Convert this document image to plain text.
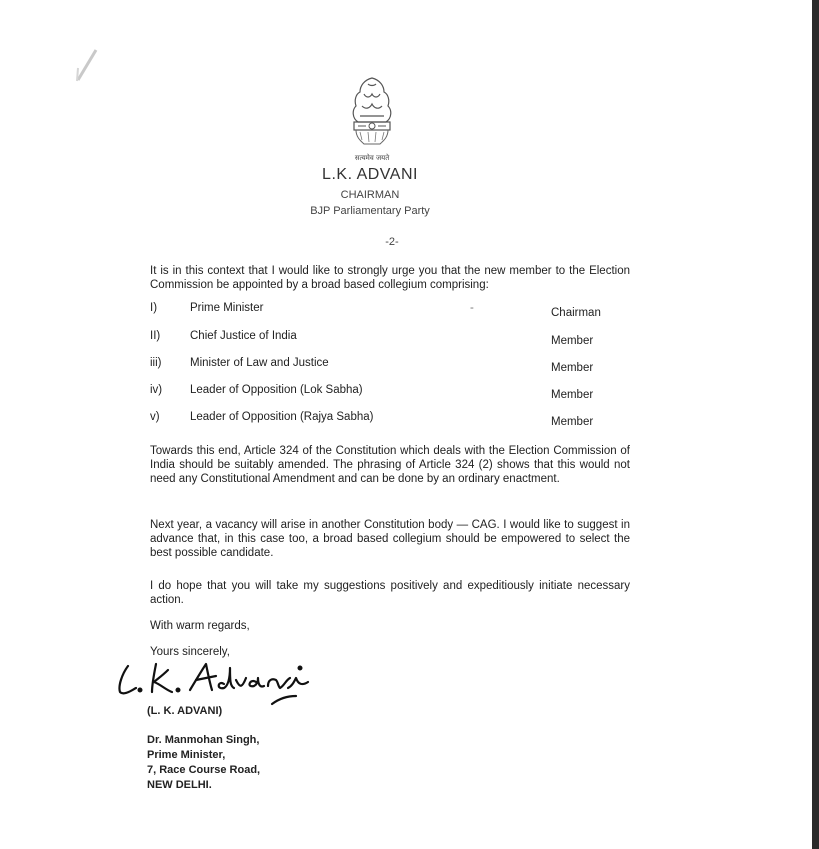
सत्यमेव जयते
L.K. ADVANI
CHAIRMAN
BJP Parliamentary Party
-2-
It is in this context that I would like to strongly urge you that the new member to the Election Commission be appointed by a broad based collegium comprising:
I)	Prime Minister	-	Chairman
II)	Chief Justice of India	Member
iii) Minister of Law and Justice	Member
iv) Leader of Opposition (Lok Sabha)	Member
v)	Leader of Opposition (Rajya Sabha)	Member
Towards this end, Article 324 of the Constitution which deals with the Election Commission of India should be suitably amended. The phrasing of Article 324 (2) shows that this would not need any Constitutional Amendment and can be done by an ordinary enactment.
Next year, a vacancy will arise in another Constitution body — CAG. I would like to suggest in advance that, in this case too, a broad based collegium should be empowered to select the best possible candidate.
I do hope that you will take my suggestions positively and expeditiously initiate necessary action.
With warm regards,
Yours sincerely,
(L. K. ADVANI)
Dr. Manmohan Singh,
Prime Minister,
7, Race Course Road,
NEW DELHI.
